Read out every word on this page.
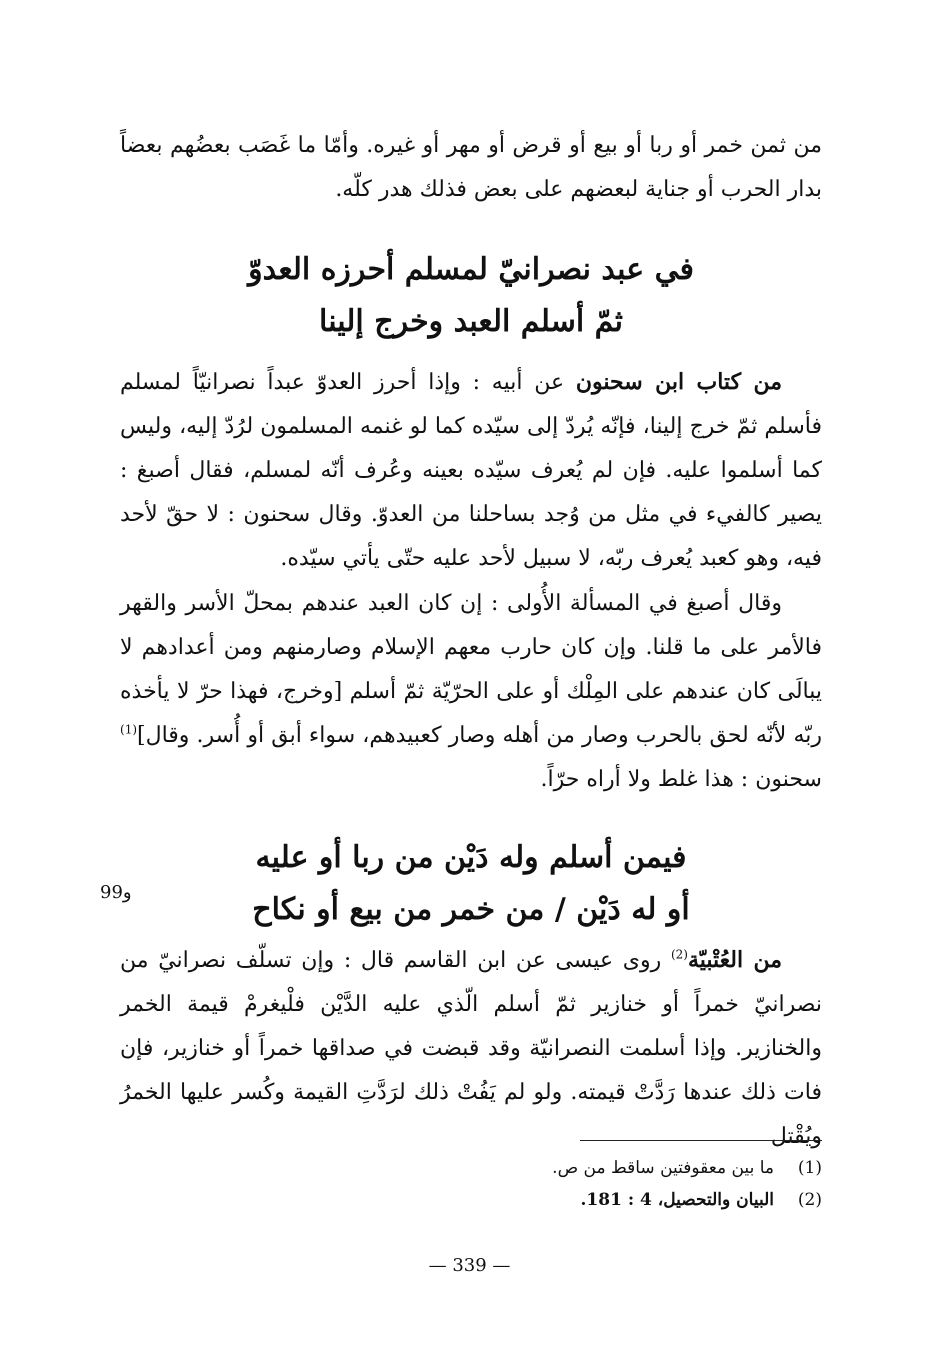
من ثمن خمر أو ربا أو بيع أو قرض أو مهر أو غيره. وأمّا ما غَصَب بعضُهم بعضاً بدار الحرب أو جناية لبعضهم على بعض فذلك هدر كلّه.

في عبد نصرانيّ لمسلم أحرزه العدوّ
ثمّ أسلم العبد وخرج إلينا

من كتاب ابن سحنون عن أبيه : وإذا أحرز العدوّ عبداً نصرانيّاً لمسلم فأسلم ثمّ خرج إلينا، فإنّه يُردّ إلى سيّده كما لو غنمه المسلمون لرُدّ إليه، وليس كما أسلموا عليه. فإن لم يُعرف سيّده بعينه وعُرف أنّه لمسلم، فقال أصبغ : يصير كالفيء في مثل من وُجد بساحلنا من العدوّ. وقال سحنون : لا حقّ لأحد فيه، وهو كعبد يُعرف ربّه، لا سبيل لأحد عليه حتّى يأتي سيّده.

وقال أصبغ في المسألة الأُولى : إن كان العبد عندهم بمحلّ الأسر والقهر فالأمر على ما قلنا. وإن كان حارب معهم الإسلام وصارمنهم ومن أعدادهم لا يبالَى كان عندهم على المِلْك أو على الحرّيّة ثمّ أسلم [وخرج، فهذا حرّ لا يأخذه ربّه لأنّه لحق بالحرب وصار من أهله وصار كعبيدهم، سواء أبق أو أُسر. وقال]$^{(1)}$ سحنون : هذا غلط ولا أراه حرّاً.

فيمن أسلم وله دَيْن من ربا أو عليه
أو له دَيْن / من خمر من بيع أو نكاح
99و

من العُتْبيّة$^{(2)}$ روى عيسى عن ابن القاسم قال : وإن تسلّف نصرانيّ من نصرانيّ خمراً أو خنازير ثمّ أسلم الّذي عليه الدَّيْن فلْيغرمْ قيمة الخمر والخنازير. وإذا أسلمت النصرانيّة وقد قبضت في صداقها خمراً أو خنازير، فإن فات ذلك عندها رَدَّتْ قيمته. ولو لم يَفُتْ ذلك لرَدَّتِ القيمة وكُسر عليها الخمرُ ويُقْتل

(1)
ما بين معقوفتين ساقط من ص.
(2)
البيان والتحصيل، 4 : 181.
— 339 —
